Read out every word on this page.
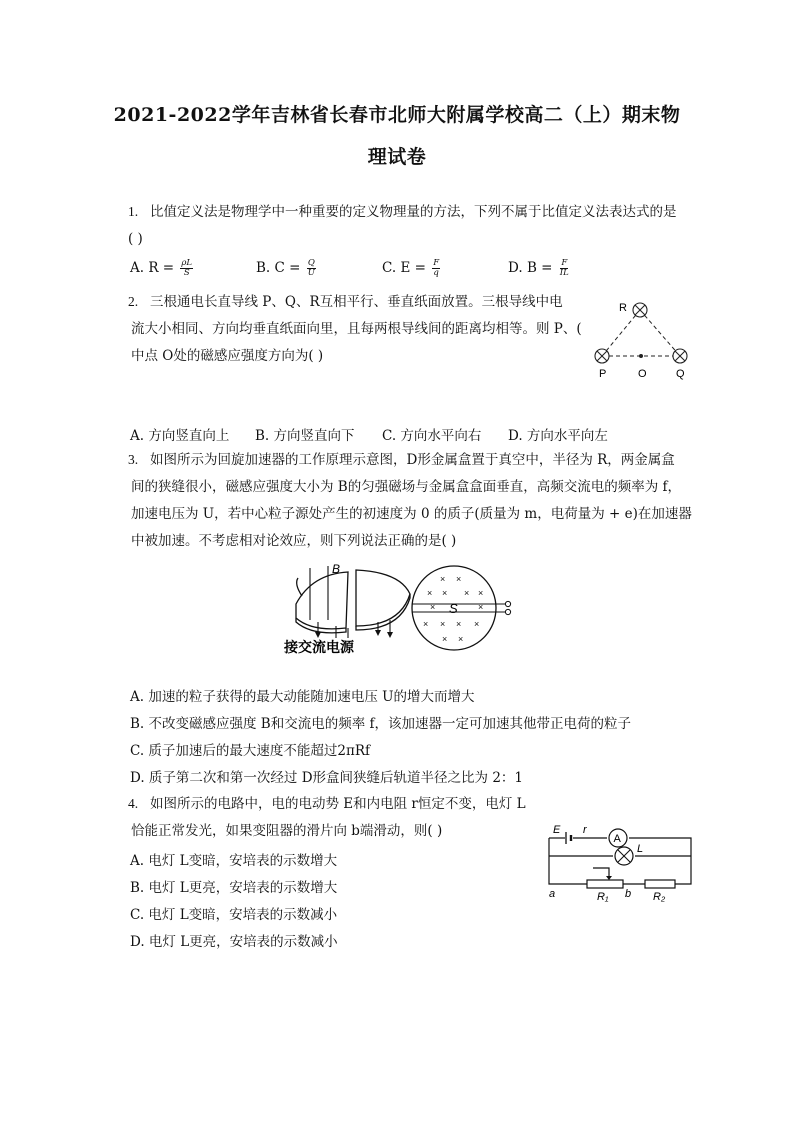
2021-2022学年吉林省长春市北师大附属学校高二（上）期末物
理试卷
1. 比值定义法是物理学中一种重要的定义物理量的方法，下列不属于比值定义法表达式的是
( )
A. $R = \frac{\rho L}{S}$	B. $C = \frac{Q}{U}$	C. $E = \frac{F}{q}$	D. $B = \frac{F}{IL}$
2. 三根通电长直导线 P、Q、R互相平行、垂直纸面放置。三根导线中电
流大小相同、方向均垂直纸面向里，且每两根导线间的距离均相等。则 P、(
中点 O处的磁感应强度方向为( )
R
P	O	Q
A. 方向竖直向上 B. 方向竖直向下 C. 方向水平向右 D. 方向水平向左
3. 如图所示为回旋加速器的工作原理示意图，D形金属盒置于真空中，半径为 R，两金属盒
间的狭缝很小，磁感应强度大小为 B的匀强磁场与金属盒盒面垂直，高频交流电的频率为 f，
加速电压为 U，若中心粒子源处产生的初速度为 0 的质子(质量为 m，电荷量为 + e)在加速器
中被加速。不考虑相对论效应，则下列说法正确的是( )
B
接交流电源
× ×
× × × ×
× × × ×
× ×
×	×
S
A. 加速的粒子获得的最大动能随加速电压 U的增大而增大
B. 不改变磁感应强度 B和交流电的频率 f，该加速器一定可加速其他带正电荷的粒子
C. 质子加速后的最大速度不能超过2πRf
D. 质子第二次和第一次经过 D形盒间狭缝后轨道半径之比为 2：1
4. 如图所示的电路中，电的电动势 E和内电阻 r恒定不变，电灯 L
恰能正常发光，如果变阻器的滑片向 b端滑动，则( )	A
E r
L
a	b
R₁	R₂
A. 电灯 L变暗，安培表的示数增大
B. 电灯 L更亮，安培表的示数增大
C. 电灯 L变暗，安培表的示数减小
D. 电灯 L更亮，安培表的示数减小
